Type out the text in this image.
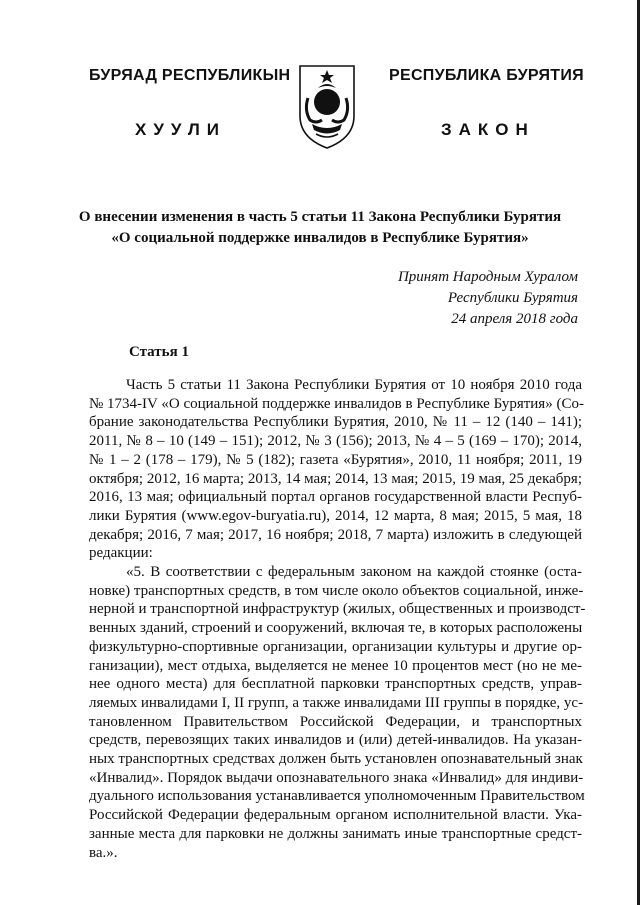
БУРЯАД РЕСПУБЛИКЫН	РЕСПУБЛИКА БУРЯТИЯ
ХУУЛИ	ЗАКОН
О внесении изменения в часть 5 статьи 11 Закона Республики Бурятия
«О социальной поддержке инвалидов в Республике Бурятия»
Принят Народным Хуралом
Республики Бурятия
24 апреля 2018 года
Статья 1
Часть 5 статьи 11 Закона Республики Бурятия от 10 ноября 2010 года
№ 1734-IV «О социальной поддержке инвалидов в Республике Бурятия» (Со-
брание законодательства Республики Бурятия, 2010, № 11 – 12 (140 – 141);
2011, № 8 – 10 (149 – 151); 2012, № 3 (156); 2013, № 4 – 5 (169 – 170); 2014,
№ 1 – 2 (178 – 179), № 5 (182); газета «Бурятия», 2010, 11 ноября; 2011, 19
октября; 2012, 16 марта; 2013, 14 мая; 2014, 13 мая; 2015, 19 мая, 25 декабря;
2016, 13 мая; официальный портал органов государственной власти Респуб-
лики Бурятия (www.egov-buryatia.ru), 2014, 12 марта, 8 мая; 2015, 5 мая, 18
декабря; 2016, 7 мая; 2017, 16 ноября; 2018, 7 марта) изложить в следующей
редакции:
«5. В соответствии с федеральным законом на каждой стоянке (оста-
новке) транспортных средств, в том числе около объектов социальной, инже-
нерной и транспортной инфраструктур (жилых, общественных и производст-
венных зданий, строений и сооружений, включая те, в которых расположены
физкультурно-спортивные организации, организации культуры и другие ор-
ганизации), мест отдыха, выделяется не менее 10 процентов мест (но не ме-
нее одного места) для бесплатной парковки транспортных средств, управ-
ляемых инвалидами I, II групп, а также инвалидами III группы в порядке, ус-
тановленном Правительством Российской Федерации, и транспортных
средств, перевозящих таких инвалидов и (или) детей-инвалидов. На указан-
ных транспортных средствах должен быть установлен опознавательный знак
«Инвалид». Порядок выдачи опознавательного знака «Инвалид» для индиви-
дуального использования устанавливается уполномоченным Правительством
Российской Федерации федеральным органом исполнительной власти. Ука-
занные места для парковки не должны занимать иные транспортные средст-
ва.».
